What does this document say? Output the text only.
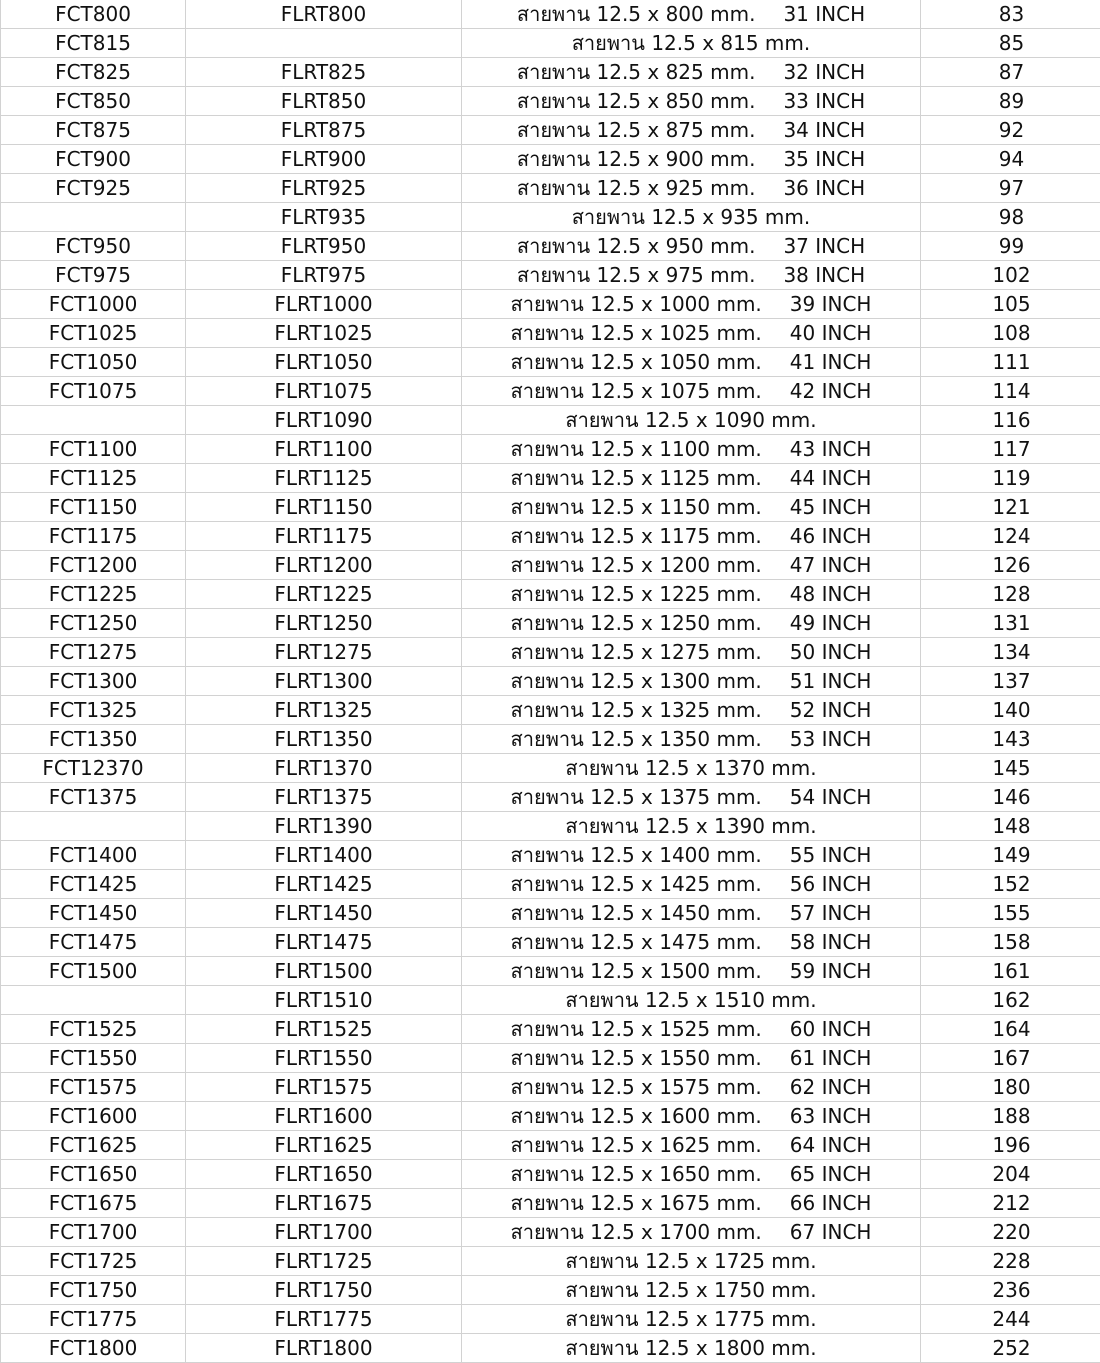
FCT800	FLRT800	สายพาน 12.5 x 800 mm. 31 INCH	83
FCT815		สายพาน 12.5 x 815 mm.	85
FCT825	FLRT825	สายพาน 12.5 x 825 mm. 32 INCH	87
FCT850	FLRT850	สายพาน 12.5 x 850 mm. 33 INCH	89
FCT875	FLRT875	สายพาน 12.5 x 875 mm. 34 INCH	92
FCT900	FLRT900	สายพาน 12.5 x 900 mm. 35 INCH	94
FCT925	FLRT925	สายพาน 12.5 x 925 mm. 36 INCH	97
	FLRT935	สายพาน 12.5 x 935 mm.	98
FCT950	FLRT950	สายพาน 12.5 x 950 mm. 37 INCH	99
FCT975	FLRT975	สายพาน 12.5 x 975 mm. 38 INCH	102
FCT1000	FLRT1000	สายพาน 12.5 x 1000 mm. 39 INCH	105
FCT1025	FLRT1025	สายพาน 12.5 x 1025 mm. 40 INCH	108
FCT1050	FLRT1050	สายพาน 12.5 x 1050 mm. 41 INCH	111
FCT1075	FLRT1075	สายพาน 12.5 x 1075 mm. 42 INCH	114
	FLRT1090	สายพาน 12.5 x 1090 mm.	116
FCT1100	FLRT1100	สายพาน 12.5 x 1100 mm. 43 INCH	117
FCT1125	FLRT1125	สายพาน 12.5 x 1125 mm. 44 INCH	119
FCT1150	FLRT1150	สายพาน 12.5 x 1150 mm. 45 INCH	121
FCT1175	FLRT1175	สายพาน 12.5 x 1175 mm. 46 INCH	124
FCT1200	FLRT1200	สายพาน 12.5 x 1200 mm. 47 INCH	126
FCT1225	FLRT1225	สายพาน 12.5 x 1225 mm. 48 INCH	128
FCT1250	FLRT1250	สายพาน 12.5 x 1250 mm. 49 INCH	131
FCT1275	FLRT1275	สายพาน 12.5 x 1275 mm. 50 INCH	134
FCT1300	FLRT1300	สายพาน 12.5 x 1300 mm. 51 INCH	137
FCT1325	FLRT1325	สายพาน 12.5 x 1325 mm. 52 INCH	140
FCT1350	FLRT1350	สายพาน 12.5 x 1350 mm. 53 INCH	143
FCT12370	FLRT1370	สายพาน 12.5 x 1370 mm.	145
FCT1375	FLRT1375	สายพาน 12.5 x 1375 mm. 54 INCH	146
	FLRT1390	สายพาน 12.5 x 1390 mm.	148
FCT1400	FLRT1400	สายพาน 12.5 x 1400 mm. 55 INCH	149
FCT1425	FLRT1425	สายพาน 12.5 x 1425 mm. 56 INCH	152
FCT1450	FLRT1450	สายพาน 12.5 x 1450 mm. 57 INCH	155
FCT1475	FLRT1475	สายพาน 12.5 x 1475 mm. 58 INCH	158
FCT1500	FLRT1500	สายพาน 12.5 x 1500 mm. 59 INCH	161
	FLRT1510	สายพาน 12.5 x 1510 mm.	162
FCT1525	FLRT1525	สายพาน 12.5 x 1525 mm. 60 INCH	164
FCT1550	FLRT1550	สายพาน 12.5 x 1550 mm. 61 INCH	167
FCT1575	FLRT1575	สายพาน 12.5 x 1575 mm. 62 INCH	180
FCT1600	FLRT1600	สายพาน 12.5 x 1600 mm. 63 INCH	188
FCT1625	FLRT1625	สายพาน 12.5 x 1625 mm. 64 INCH	196
FCT1650	FLRT1650	สายพาน 12.5 x 1650 mm. 65 INCH	204
FCT1675	FLRT1675	สายพาน 12.5 x 1675 mm. 66 INCH	212
FCT1700	FLRT1700	สายพาน 12.5 x 1700 mm. 67 INCH	220
FCT1725	FLRT1725	สายพาน 12.5 x 1725 mm.	228
FCT1750	FLRT1750	สายพาน 12.5 x 1750 mm.	236
FCT1775	FLRT1775	สายพาน 12.5 x 1775 mm.	244
FCT1800	FLRT1800	สายพาน 12.5 x 1800 mm.	252
